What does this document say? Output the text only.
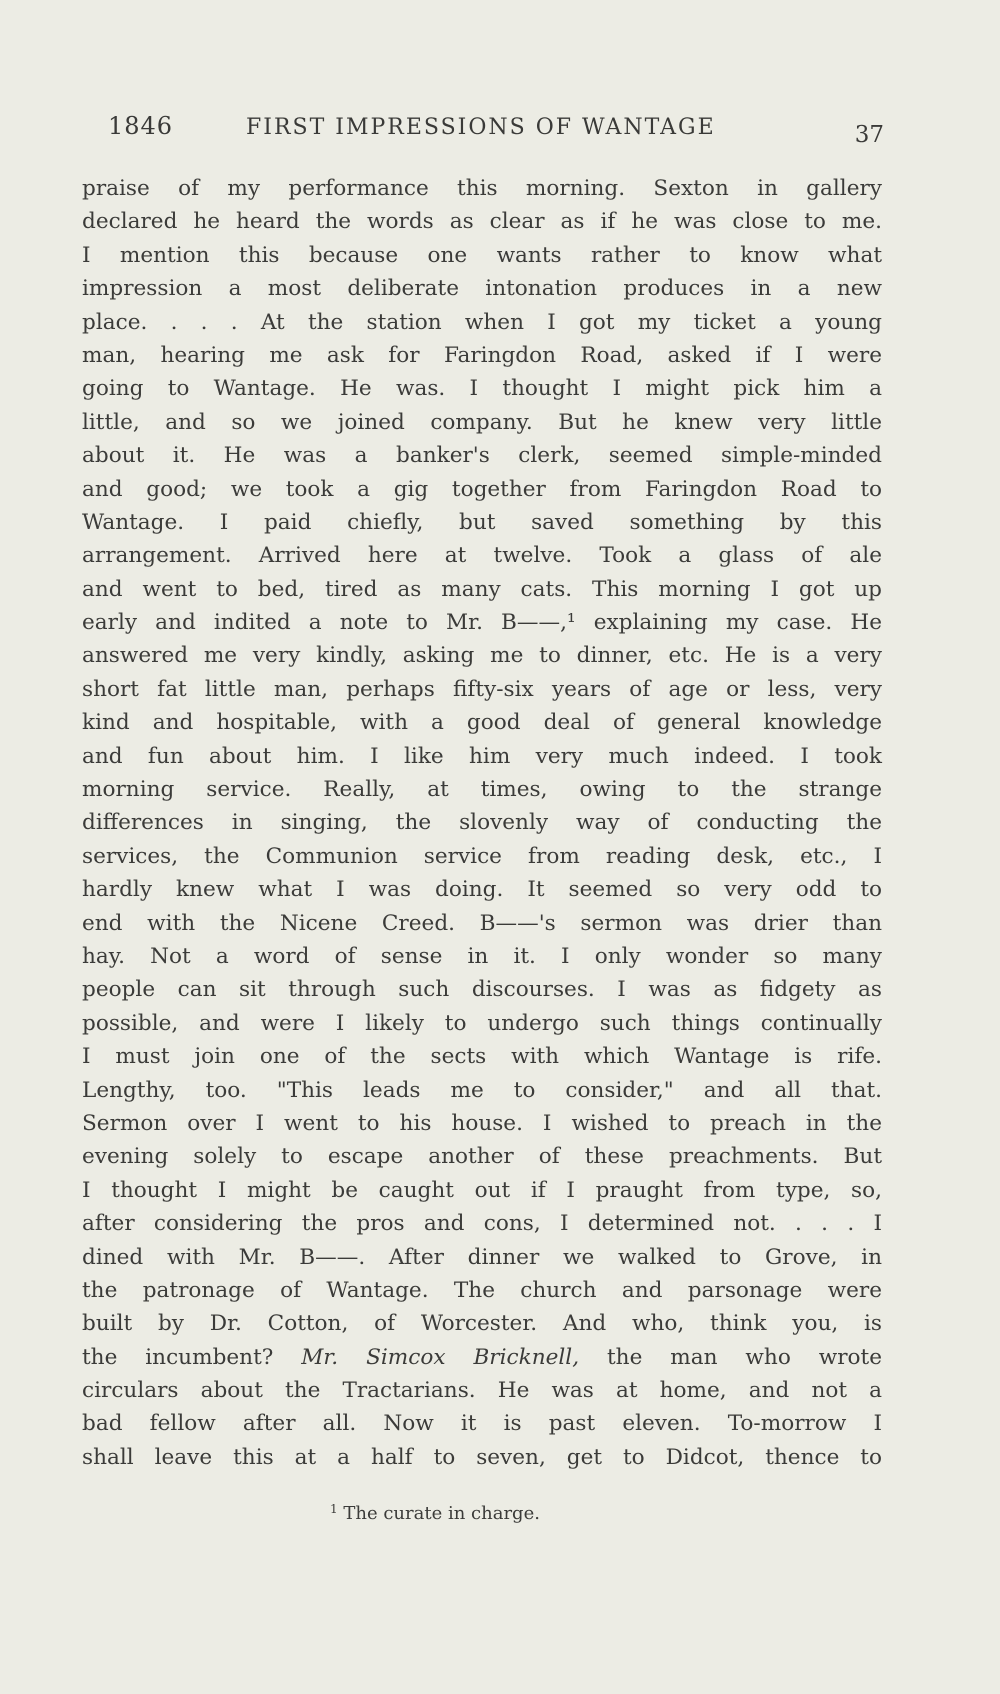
1846	FIRST IMPRESSIONS OF WANTAGE	37
praise of my performance this morning. Sexton in gallery
declared he heard the words as clear as if he was close to me.
I mention this because one wants rather to know what
impression a most deliberate intonation produces in a new
place. . . . At the station when I got my ticket a young
man, hearing me ask for Faringdon Road, asked if I were
going to Wantage. He was. I thought I might pick him a
little, and so we joined company. But he knew very little
about it. He was a banker's clerk, seemed simple-minded
and good; we took a gig together from Faringdon Road to
Wantage. I paid chiefly, but saved something by this
arrangement. Arrived here at twelve. Took a glass of ale
and went to bed, tired as many cats. This morning I got up
early and indited a note to Mr. B——,¹ explaining my case. He
answered me very kindly, asking me to dinner, etc. He is a very
short fat little man, perhaps fifty-six years of age or less, very
kind and hospitable, with a good deal of general knowledge
and fun about him. I like him very much indeed. I took
morning service. Really, at times, owing to the strange
differences in singing, the slovenly way of conducting the
services, the Communion service from reading desk, etc., I
hardly knew what I was doing. It seemed so very odd to
end with the Nicene Creed. B——'s sermon was drier than
hay. Not a word of sense in it. I only wonder so many
people can sit through such discourses. I was as fidgety as
possible, and were I likely to undergo such things continually
I must join one of the sects with which Wantage is rife.
Lengthy, too. "This leads me to consider," and all that.
Sermon over I went to his house. I wished to preach in the
evening solely to escape another of these preachments. But
I thought I might be caught out if I praught from type, so,
after considering the pros and cons, I determined not. . . . I
dined with Mr. B——. After dinner we walked to Grove, in
the patronage of Wantage. The church and parsonage were
built by Dr. Cotton, of Worcester. And who, think you, is
the incumbent? Mr. Simcox Bricknell, the man who wrote
circulars about the Tractarians. He was at home, and not a
bad fellow after all. Now it is past eleven. To-morrow I
shall leave this at a half to seven, get to Didcot, thence to
$^1$ The curate in charge.
